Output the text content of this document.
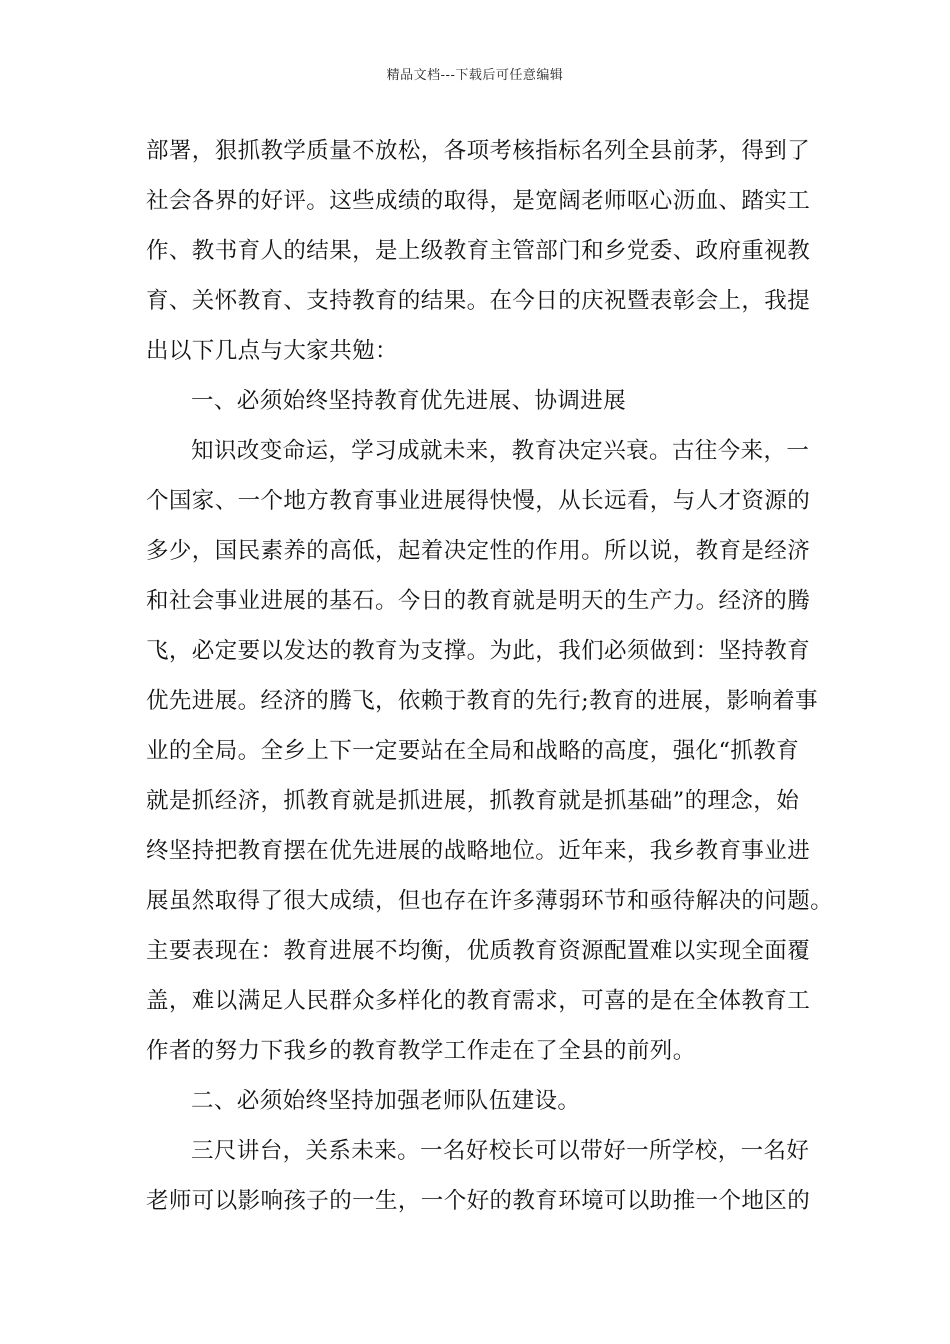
精品文档---下载后可任意编辑
部署，狠抓教学质量不放松，各项考核指标名列全县前茅，得到了
社会各界的好评。这些成绩的取得，是宽阔老师呕心沥血、踏实工
作、教书育人的结果，是上级教育主管部门和乡党委、政府重视教
育、关怀教育、支持教育的结果。在今日的庆祝暨表彰会上，我提
出以下几点与大家共勉：
一、必须始终坚持教育优先进展、协调进展
知识改变命运，学习成就未来，教育决定兴衰。古往今来，一
个国家、一个地方教育事业进展得快慢，从长远看，与人才资源的
多少，国民素养的高低，起着决定性的作用。所以说，教育是经济
和社会事业进展的基石。今日的教育就是明天的生产力。经济的腾
飞，必定要以发达的教育为支撑。为此，我们必须做到：坚持教育
优先进展。经济的腾飞，依赖于教育的先行;教育的进展，影响着事
业的全局。全乡上下一定要站在全局和战略的高度，强化“抓教育
就是抓经济，抓教育就是抓进展，抓教育就是抓基础”的理念，始
终坚持把教育摆在优先进展的战略地位。近年来，我乡教育事业进
展虽然取得了很大成绩，但也存在许多薄弱环节和亟待解决的问题。
主要表现在：教育进展不均衡，优质教育资源配置难以实现全面覆
盖，难以满足人民群众多样化的教育需求，可喜的是在全体教育工
作者的努力下我乡的教育教学工作走在了全县的前列。
二、必须始终坚持加强老师队伍建设。
三尺讲台，关系未来。一名好校长可以带好一所学校，一名好
老师可以影响孩子的一生，一个好的教育环境可以助推一个地区的
